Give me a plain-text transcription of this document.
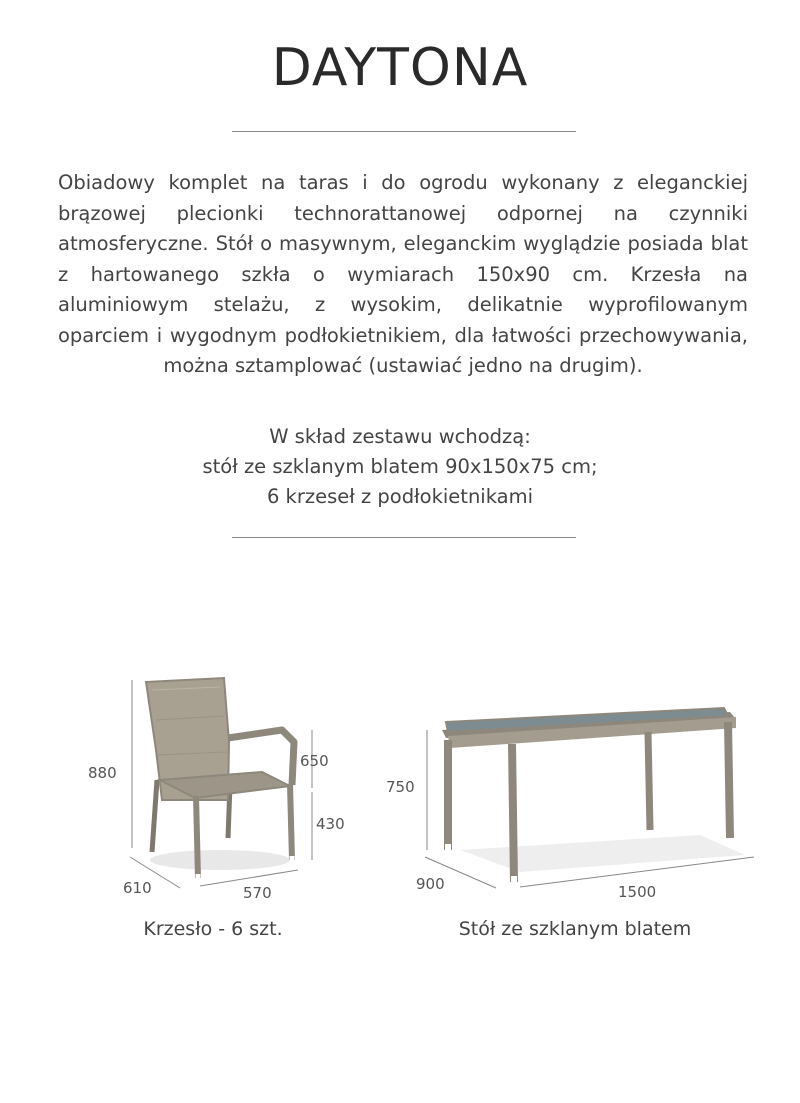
DAYTONA

Obiadowy komplet na taras i do ogrodu wykonany z eleganckiej brązowej plecionki technorattanowej odpornej na czynniki atmosferyczne. Stół o masywnym, eleganckim wyglądzie posiada blat z hartowanego szkła o wymiarach 150x90 cm. Krzesła na aluminiowym stelażu, z wysokim, delikatnie wyprofilowanym oparciem i wygodnym podłokietnikiem, dla łatwości przechowywania, można sztamplować (ustawiać jedno na drugim).

W skład zestawu wchodzą:
stół ze szklanym blatem 90x150x75 cm;
6 krzeseł z podłokietnikami
880
650
430
610	570
750
900	1500
Krzesło - 6 szt.	Stół ze szklanym blatem
